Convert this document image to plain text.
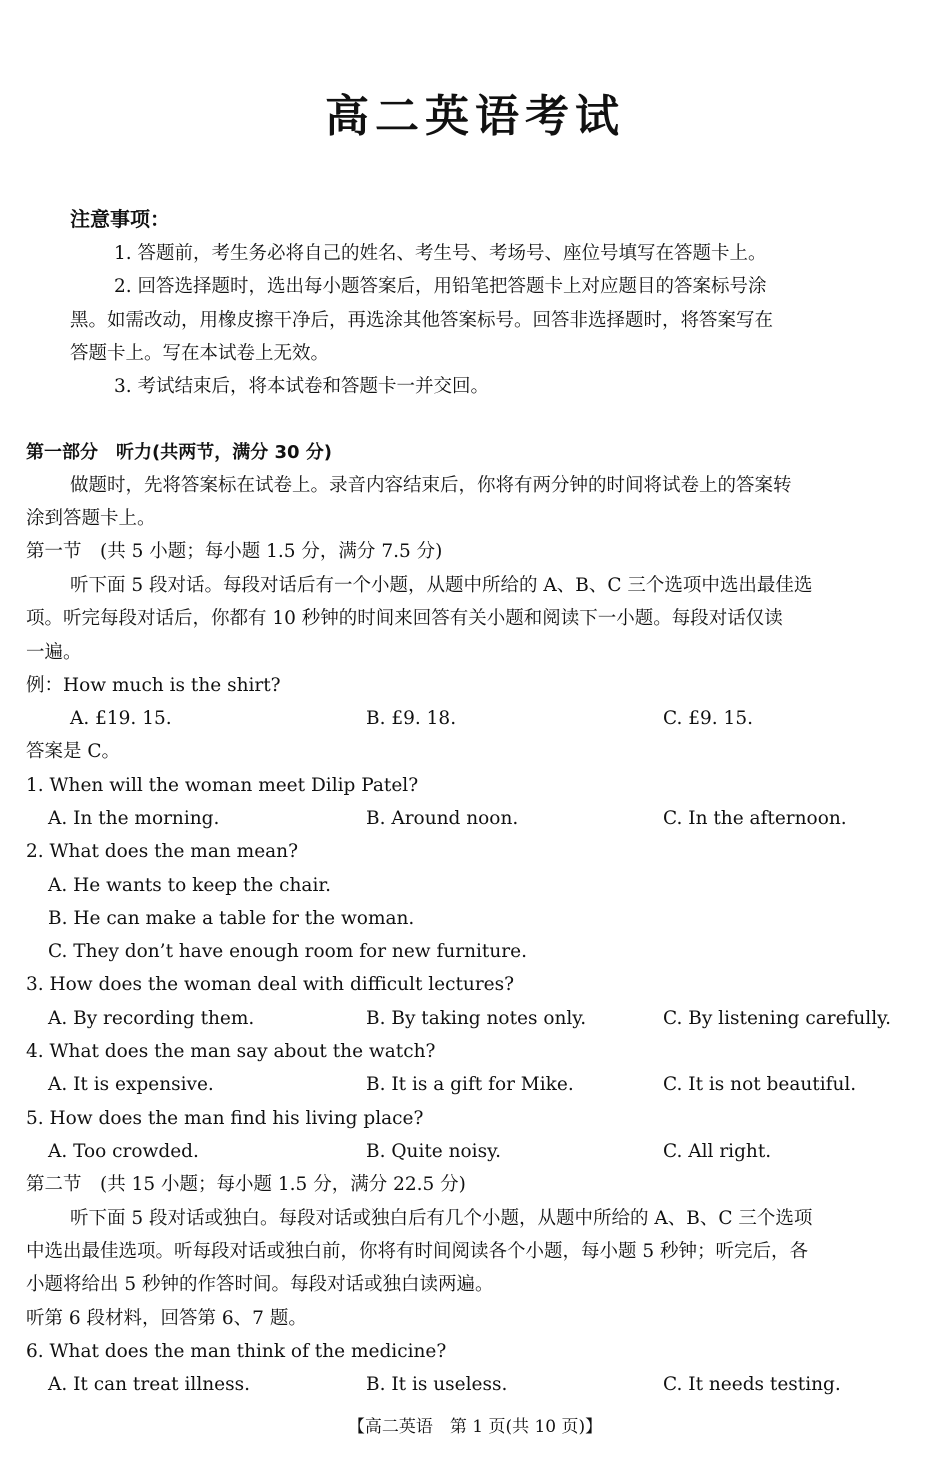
高二英语考试
注意事项：
1. 答题前，考生务必将自己的姓名、考生号、考场号、座位号填写在答题卡上。
2. 回答选择题时，选出每小题答案后，用铅笔把答题卡上对应题目的答案标号涂
黑。如需改动，用橡皮擦干净后，再选涂其他答案标号。回答非选择题时，将答案写在
答题卡上。写在本试卷上无效。
3. 考试结束后，将本试卷和答题卡一并交回。
第一部分　听力(共两节，满分 30 分)
做题时，先将答案标在试卷上。录音内容结束后，你将有两分钟的时间将试卷上的答案转
涂到答题卡上。
第一节　(共 5 小题；每小题 1.5 分，满分 7.5 分)
听下面 5 段对话。每段对话后有一个小题，从题中所给的 A、B、C 三个选项中选出最佳选
项。听完每段对话后，你都有 10 秒钟的时间来回答有关小题和阅读下一小题。每段对话仅读
一遍。
例：How much is the shirt?
A. £19. 15.	B. £9. 18.	C. £9. 15.
答案是 C。
1. When will the woman meet Dilip Patel?
A. In the morning.	B. Around noon.	C. In the afternoon.
2. What does the man mean?
A. He wants to keep the chair.
B. He can make a table for the woman.
C. They don’t have enough room for new furniture.
3. How does the woman deal with difficult lectures?
A. By recording them.	B. By taking notes only.	C. By listening carefully.
4. What does the man say about the watch?
A. It is expensive.	B. It is a gift for Mike.	C. It is not beautiful.
5. How does the man find his living place?
A. Too crowded.	B. Quite noisy.	C. All right.
第二节　(共 15 小题；每小题 1.5 分，满分 22.5 分)
听下面 5 段对话或独白。每段对话或独白后有几个小题，从题中所给的 A、B、C 三个选项
中选出最佳选项。听每段对话或独白前，你将有时间阅读各个小题，每小题 5 秒钟；听完后，各
小题将给出 5 秒钟的作答时间。每段对话或独白读两遍。
听第 6 段材料，回答第 6、7 题。
6. What does the man think of the medicine?
A. It can treat illness.	B. It is useless.	C. It needs testing.
【高二英语　第 1 页(共 10 页)】
